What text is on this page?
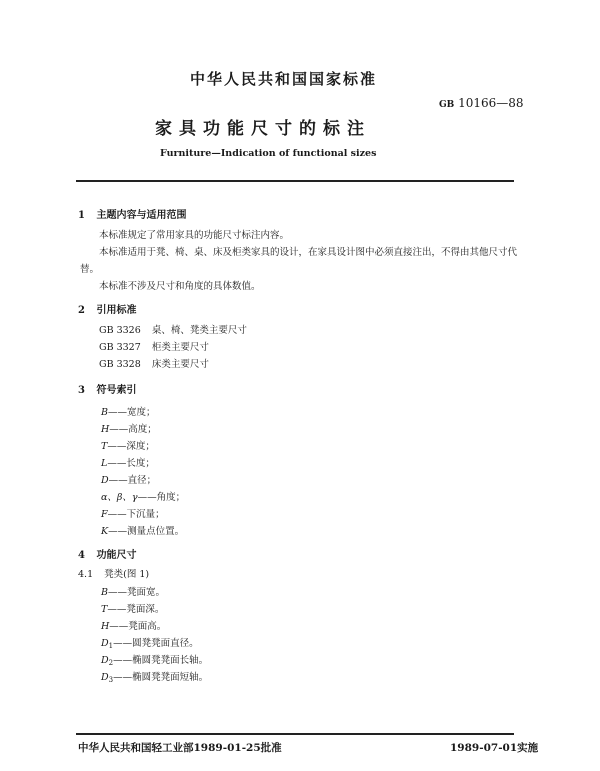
中华人民共和国国家标准
GB 10166—88
家具功能尺寸的标注
Furniture—Indication of functional sizes
1 主题内容与适用范围
本标准规定了常用家具的功能尺寸标注内容。
本标准适用于凳、椅、桌、床及柜类家具的设计，在家具设计图中必须直接注出，不得由其他尺寸代
替。
本标准不涉及尺寸和角度的具体数值。
2 引用标准
GB 3326 桌、椅、凳类主要尺寸
GB 3327 柜类主要尺寸
GB 3328 床类主要尺寸
3 符号索引
B——宽度；
H——高度；
T——深度；
L——长度；
D——直径；
α、β、γ——角度；
F——下沉量；
K——测量点位置。
4 功能尺寸
4.1 凳类(图 1)
B——凳面宽。
T——凳面深。
H——凳面高。
$D_1——$圆凳凳面直径。
$D_2——$椭圆凳凳面长轴。
$D_3——$椭圆凳凳面短轴。
中华人民共和国轻工业部1989-01-25批准	1989-07-01实施
